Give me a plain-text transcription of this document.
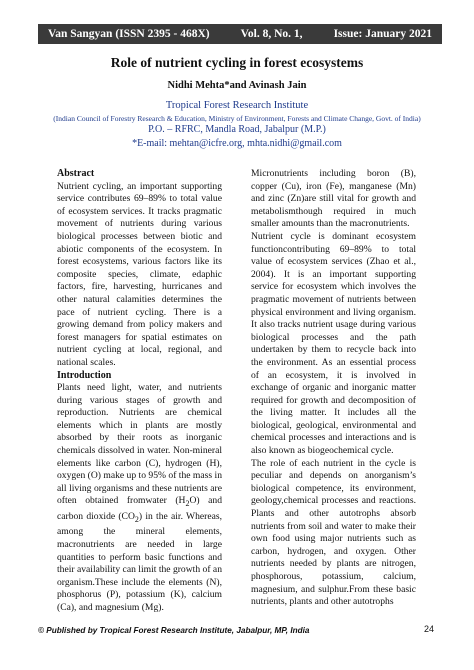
Van Sangyan (ISSN 2395 - 468X)	Vol. 8, No. 1,	Issue: January 2021
Role of nutrient cycling in forest ecosystems
Nidhi Mehta*and Avinash Jain
Tropical Forest Research Institute
(Indian Council of Forestry Research & Education, Ministry of Environment, Forests and Climate Change, Govt. of India)
P.O. – RFRC, Mandla Road, Jabalpur (M.P.)
*E-mail: mehtan@icfre.org, mhta.nidhi@gmail.com
Abstract

Nutrient cycling, an important supporting service contributes 69–89% to total value of ecosystem services. It tracks pragmatic movement of nutrients during various biological processes between biotic and abiotic components of the ecosystem. In forest ecosystems, various factors like its composite species, climate, edaphic factors, fire, harvesting, hurricanes and other natural calamities determines the pace of nutrient cycling. There is a growing demand from policy makers and forest managers for spatial estimates on nutrient cycling at local, regional, and national scales.

Introduction

Plants need light, water, and nutrients during various stages of growth and reproduction. Nutrients are chemical elements which in plants are mostly absorbed by their roots as inorganic chemicals dissolved in water. Non-mineral elements like carbon (C), hydrogen (H), oxygen (O) make up to 95% of the mass in all living organisms and these nutrients are often obtained fromwater $(H_2O)$ and carbon dioxide $(CO_2)$ in the air. Whereas, among the mineral elements, macronutrients are needed in large quantities to perform basic functions and their availability can limit the growth of an organism.These include the elements (N), phosphorus (P), potassium (K), calcium (Ca), and magnesium (Mg).

Micronutrients including boron (B), copper (Cu), iron (Fe), manganese (Mn) and zinc (Zn)are still vital for growth and metabolismthough required in much smaller amounts than the macronutrients.

Nutrient cycle is dominant ecosystem functioncontributing 69–89% to total value of ecosystem services (Zhao et al., 2004). It is an important supporting service for ecosystem which involves the pragmatic movement of nutrients between physical environment and living organism. It also tracks nutrient usage during various biological processes and the path undertaken by them to recycle back into the environment. As an essential process of an ecosystem, it is involved in exchange of organic and inorganic matter required for growth and decomposition of the living matter. It includes all the biological, geological, environmental and chemical processes and interactions and is also known as biogeochemical cycle.

The role of each nutrient in the cycle is peculiar and depends on anorganism’s biological competence, its environment, geology,chemical processes and reactions. Plants and other autotrophs absorb nutrients from soil and water to make their own food using major nutrients such as carbon, hydrogen, and oxygen. Other nutrients needed by plants are nitrogen, phosphorous, potassium, calcium, magnesium, and sulphur.From these basic nutrients, plants and other autotrophs

© Published by Tropical Forest Research Institute, Jabalpur, MP, India	24
